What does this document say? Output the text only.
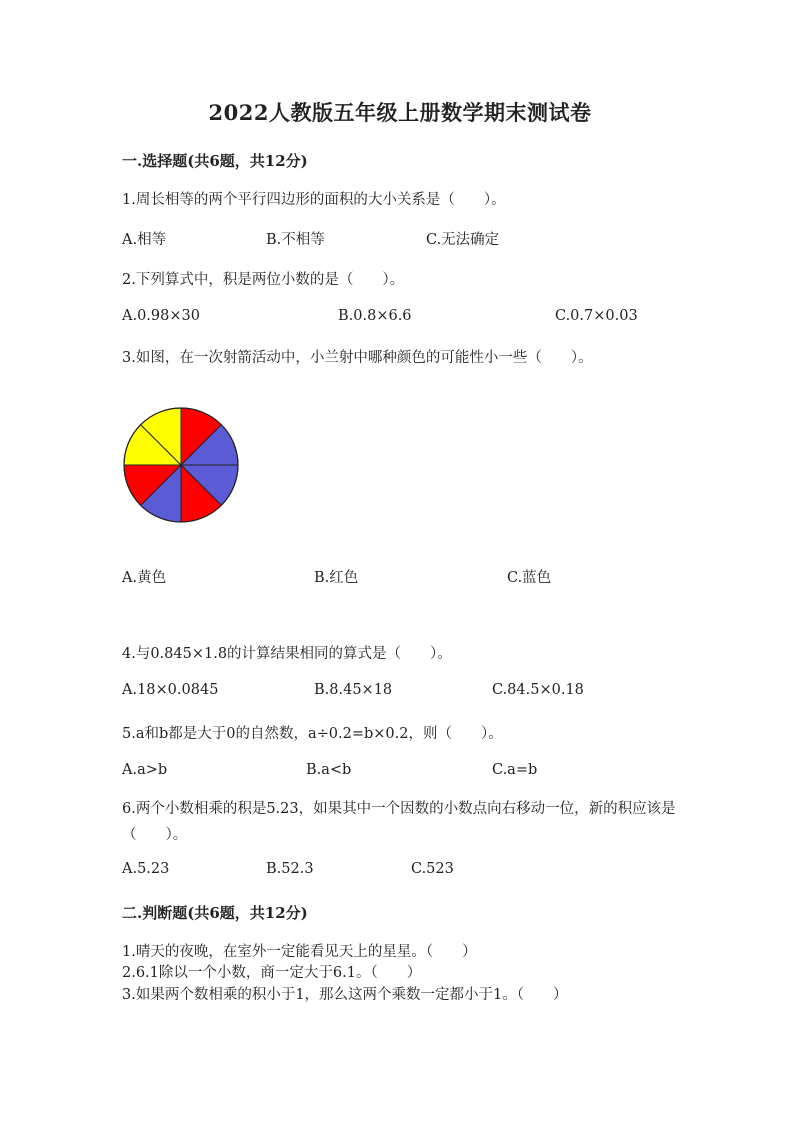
2022人教版五年级上册数学期末测试卷
一.选择题(共6题，共12分)
1.周长相等的两个平行四边形的面积的大小关系是（　　）。
A.相等	B.不相等	C.无法确定
2.下列算式中，积是两位小数的是（　　）。
A.0.98×30	B.0.8×6.6	C.0.7×0.03
3.如图，在一次射箭活动中，小兰射中哪种颜色的可能性小一些（　　）。
A.黄色	B.红色	C.蓝色
4.与0.845×1.8的计算结果相同的算式是（　　）。
A.18×0.0845	B.8.45×18	C.84.5×0.18
5.a和b都是大于0的自然数，a÷0.2=b×0.2，则（　　）。
A.a>b	B.a<b	C.a=b
6.两个小数相乘的积是5.23，如果其中一个因数的小数点向右移动一位，新的积应该是（　　）。
A.5.23	B.52.3	C.523
二.判断题(共6题，共12分)
1.晴天的夜晚，在室外一定能看见天上的星星。（　　）
2.6.1除以一个小数，商一定大于6.1。（　　）
3.如果两个数相乘的积小于1，那么这两个乘数一定都小于1。（　　）
